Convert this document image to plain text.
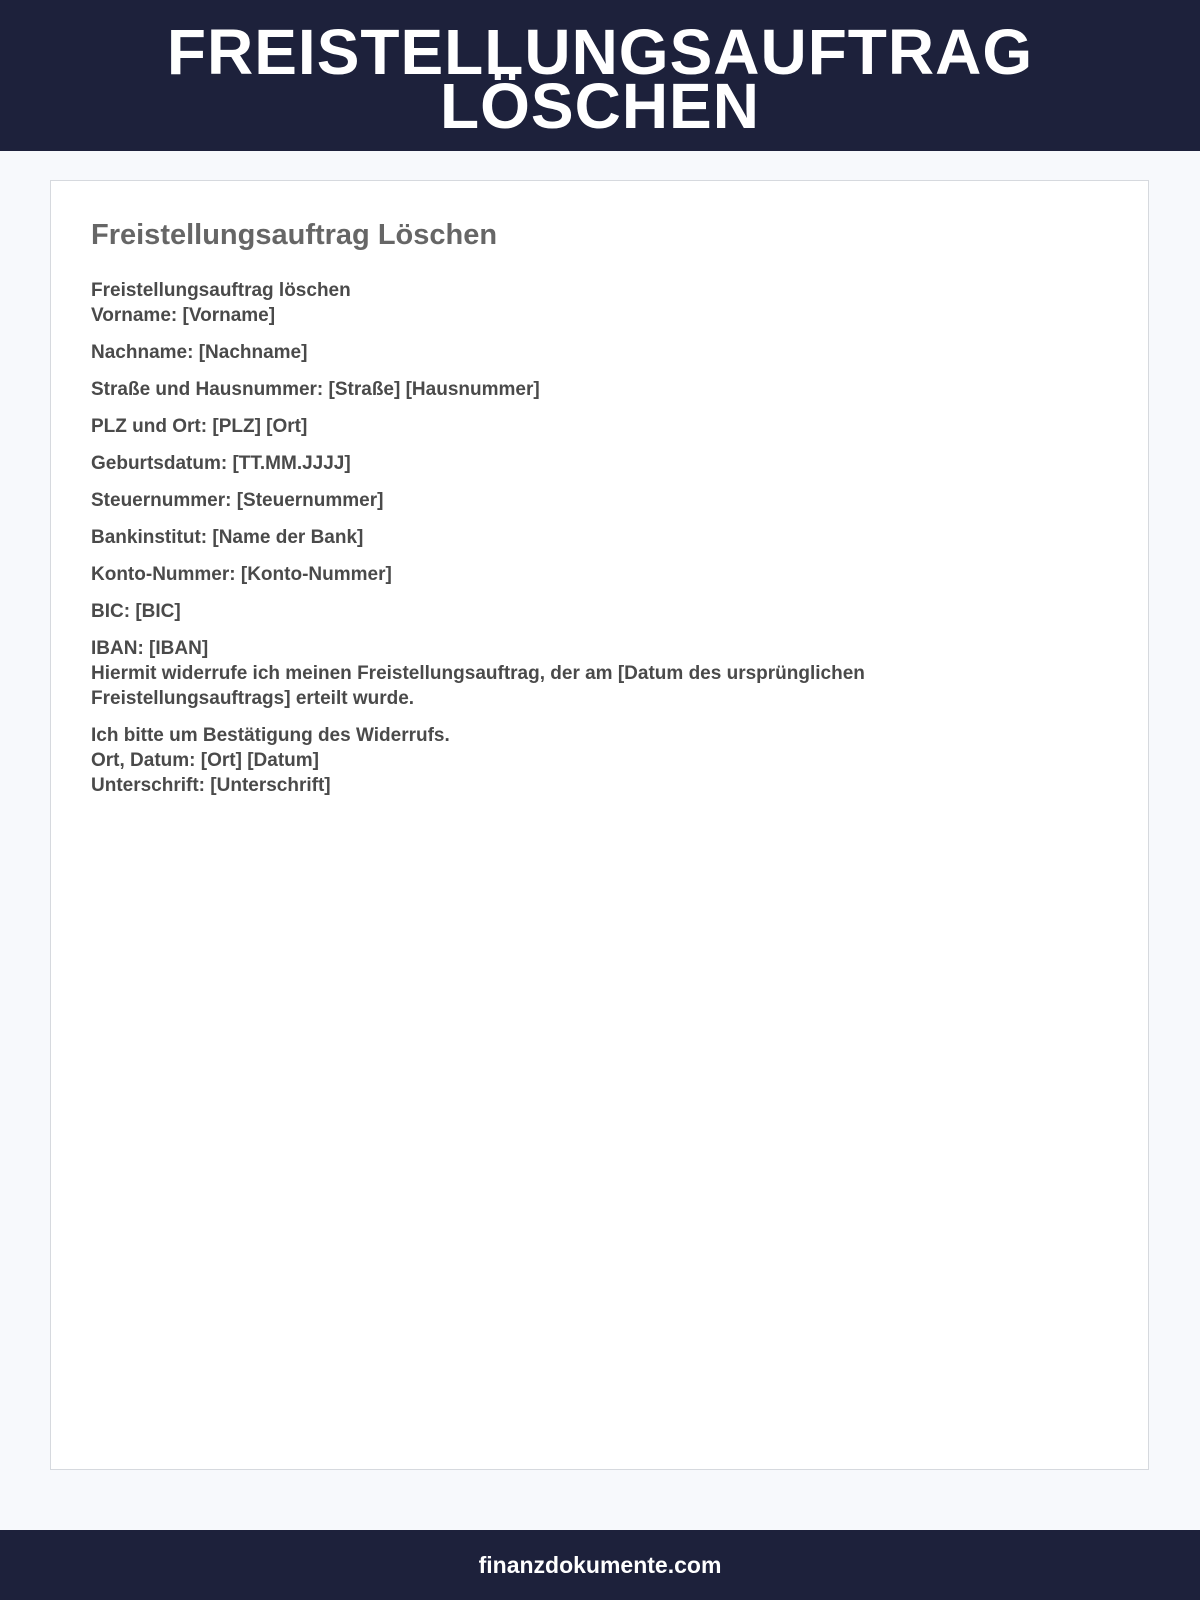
FREISTELLUNGSAUFTRAG LÖSCHEN
Freistellungsauftrag Löschen

Freistellungsauftrag löschen
Vorname: [Vorname]

Nachname: [Nachname]

Straße und Hausnummer: [Straße] [Hausnummer]

PLZ und Ort: [PLZ] [Ort]

Geburtsdatum: [TT.MM.JJJJ]

Steuernummer: [Steuernummer]

Bankinstitut: [Name der Bank]

Konto-Nummer: [Konto-Nummer]

BIC: [BIC]

IBAN: [IBAN]
Hiermit widerrufe ich meinen Freistellungsauftrag, der am [Datum des ursprünglichen Freistellungsauftrags] erteilt wurde.

Ich bitte um Bestätigung des Widerrufs.
Ort, Datum: [Ort] [Datum]
Unterschrift: [Unterschrift]

finanzdokumente.com
